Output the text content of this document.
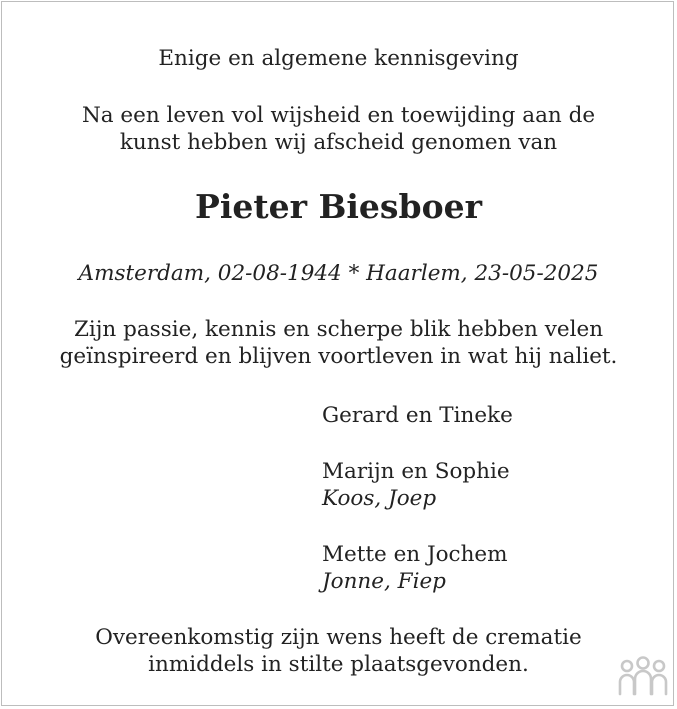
Enige en algemene kennisgeving
Na een leven vol wijsheid en toewijding aan de
kunst hebben wij afscheid genomen van
Pieter Biesboer
Amsterdam, 02-08-1944 * Haarlem, 23-05-2025
Zijn passie, kennis en scherpe blik hebben velen
geïnspireerd en blijven voortleven in wat hij naliet.
Gerard en Tineke
Marijn en Sophie
Koos, Joep
Mette en Jochem
Jonne, Fiep
Overeenkomstig zijn wens heeft de crematie
inmiddels in stilte plaatsgevonden.
